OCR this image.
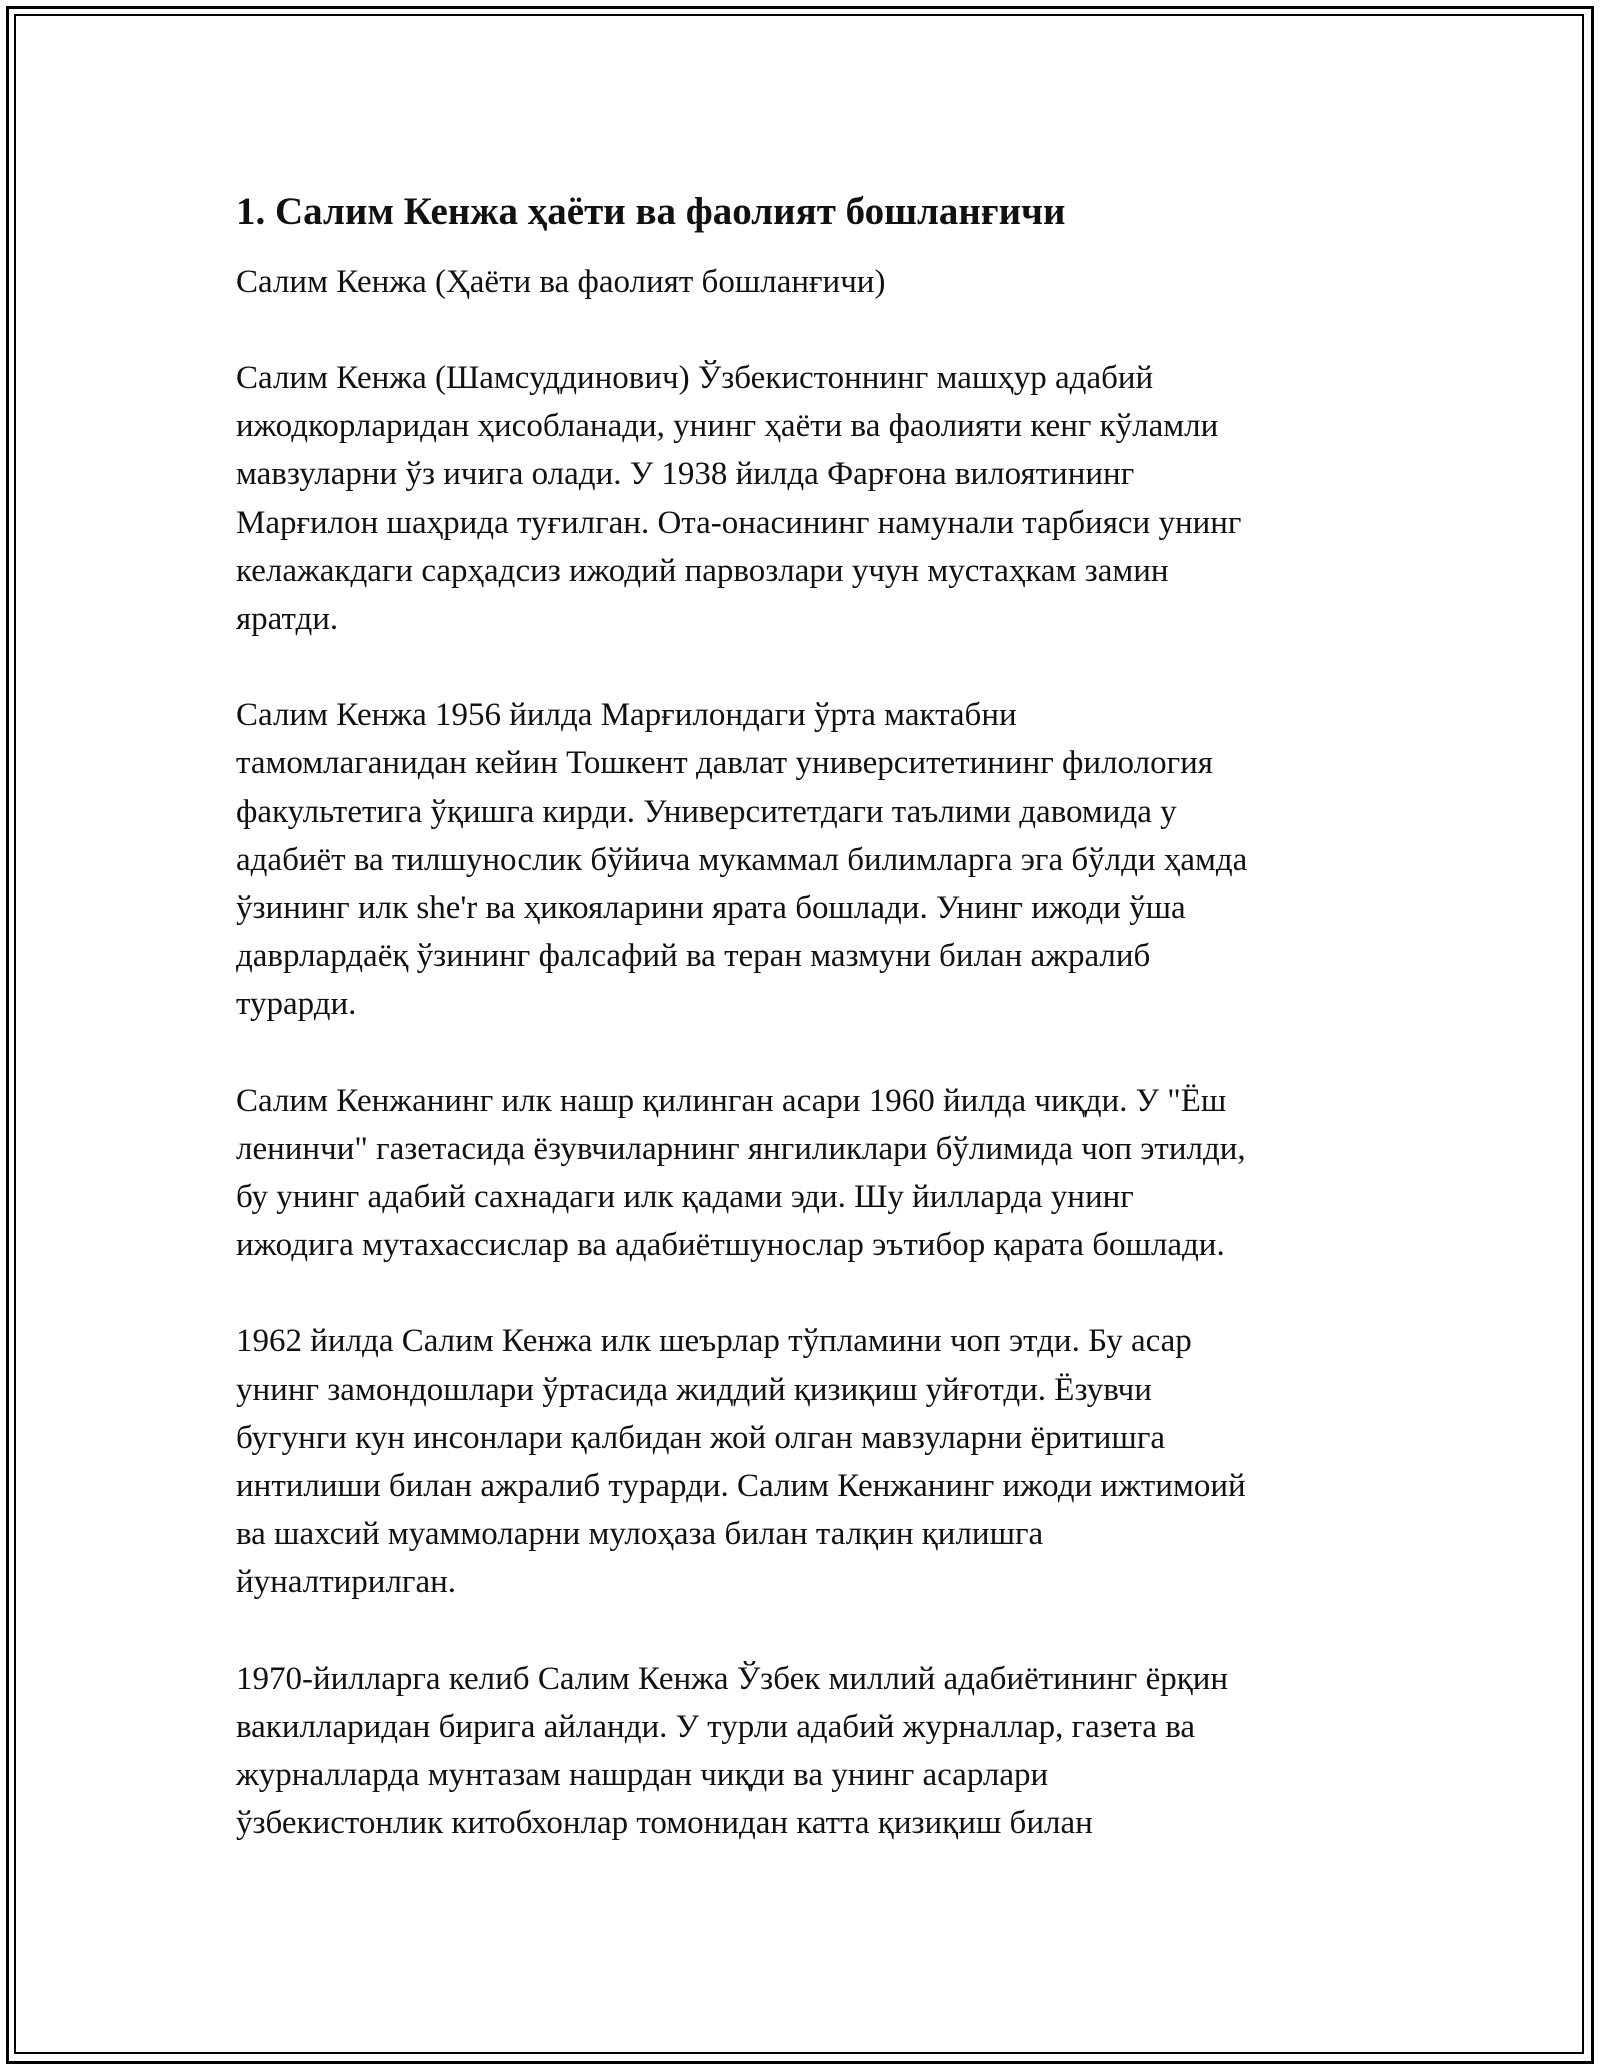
1. Салим Кенжа ҳаёти ва фаолият бошланғичи

Салим Кенжа (Ҳаёти ва фаолият бошланғичи)

Салим Кенжа (Шамсуддинович) Ўзбекистоннинг машҳур адабий
ижодкорларидан ҳисобланади, унинг ҳаёти ва фаолияти кенг кўламли
мавзуларни ўз ичига олади. У 1938 йилда Фарғона вилоятининг
Марғилон шаҳрида туғилган. Ота-онасининг намунали тарбияси унинг
келажакдаги сарҳадсиз ижодий парвозлари учун мустаҳкам замин
яратди.

Салим Кенжа 1956 йилда Марғилондаги ўрта мактабни
тамомлаганидан кейин Тошкент давлат университетининг филология
факультетига ўқишга кирди. Университетдаги таълими давомида у
адабиёт ва тилшунослик бўйича мукаммал билимларга эга бўлди ҳамда
ўзининг илк she'r ва ҳикояларини ярата бошлади. Унинг ижоди ўша
даврлардаёқ ўзининг фалсафий ва теран мазмуни билан ажралиб
турарди.

Салим Кенжанинг илк нашр қилинган асари 1960 йилда чиқди. У "Ёш
ленинчи" газетасида ёзувчиларнинг янгиликлари бўлимида чоп этилди,
бу унинг адабий сахнадаги илк қадами эди. Шу йилларда унинг
ижодига мутахассислар ва адабиётшунослар эътибор қарата бошлади.

1962 йилда Салим Кенжа илк шеърлар тўпламини чоп этди. Бу асар
унинг замондошлари ўртасида жиддий қизиқиш уйғотди. Ёзувчи
бугунги кун инсонлари қалбидан жой олган мавзуларни ёритишга
интилиши билан ажралиб турарди. Салим Кенжанинг ижоди ижтимоий
ва шахсий муаммоларни мулоҳаза билан талқин қилишга
йуналтирилган.

1970-йилларга келиб Салим Кенжа Ўзбек миллий адабиётининг ёрқин
вакилларидан бирига айланди. У турли адабий журналлар, газета ва
журналларда мунтазам нашрдан чиқди ва унинг асарлари
ўзбекистонлик китобхонлар томонидан катта қизиқиш билан
